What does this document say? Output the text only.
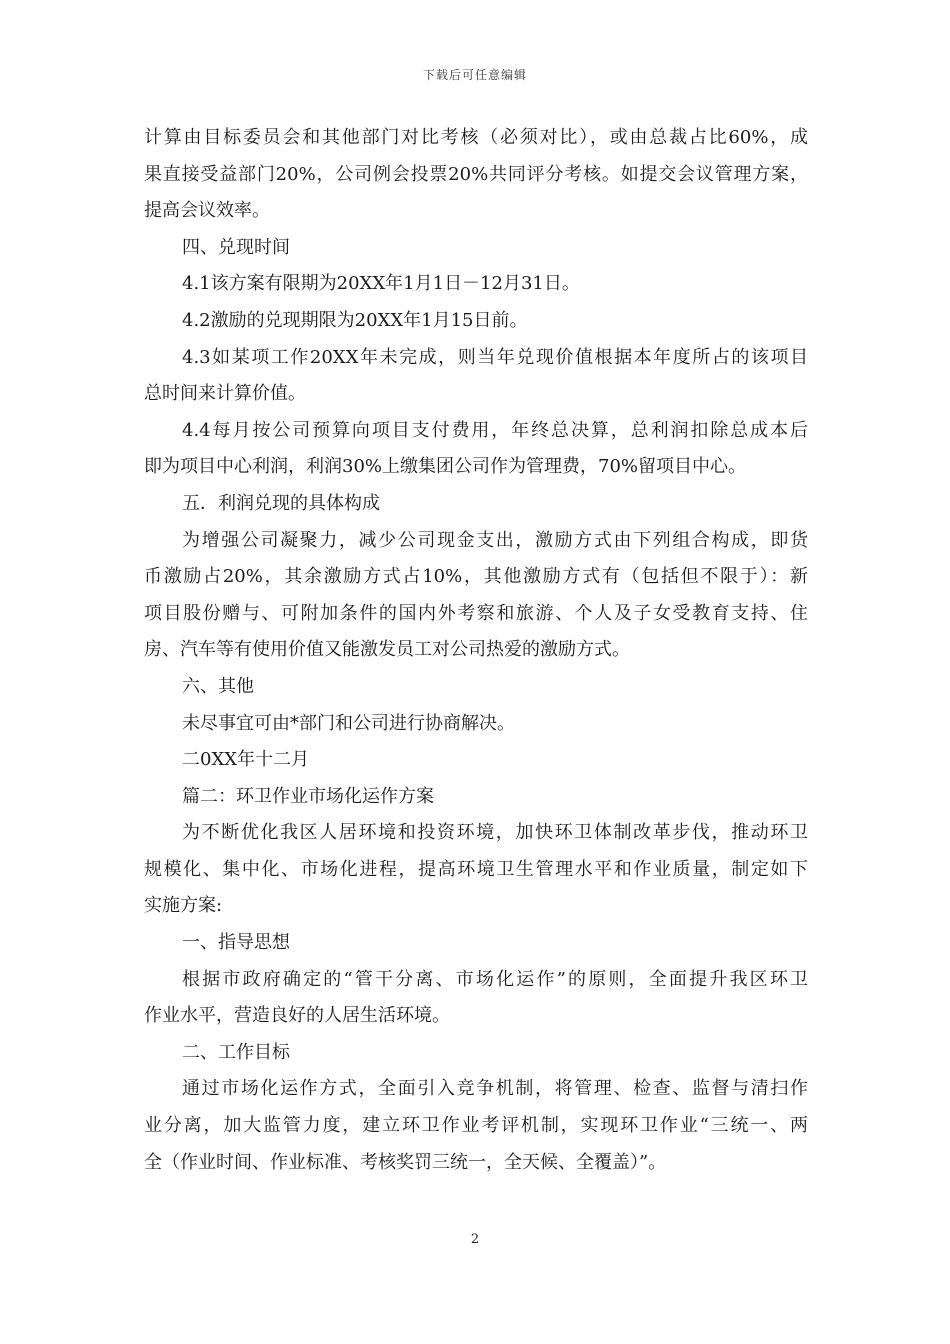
下载后可任意编辑
计算由目标委员会和其他部门对比考核（必须对比），或由总裁占比60%，成
果直接受益部门20%，公司例会投票20%共同评分考核。如提交会议管理方案，
提高会议效率。
四、兑现时间
4.1该方案有限期为20XX年1月1日－12月31日。
4.2激励的兑现期限为20XX年1月15日前。
4.3如某项工作20XX年未完成，则当年兑现价值根据本年度所占的该项目
总时间来计算价值。
4.4每月按公司预算向项目支付费用，年终总决算，总利润扣除总成本后
即为项目中心利润，利润30%上缴集团公司作为管理费，70%留项目中心。
五．利润兑现的具体构成
为增强公司凝聚力，减少公司现金支出，激励方式由下列组合构成，即货
币激励占20%，其余激励方式占10%，其他激励方式有（包括但不限于）：新
项目股份赠与、可附加条件的国内外考察和旅游、个人及子女受教育支持、住
房、汽车等有使用价值又能激发员工对公司热爱的激励方式。
六、其他
未尽事宜可由*部门和公司进行协商解决。
二0XX年十二月
篇二：环卫作业市场化运作方案
为不断优化我区人居环境和投资环境，加快环卫体制改革步伐，推动环卫
规模化、集中化、市场化进程，提高环境卫生管理水平和作业质量，制定如下
实施方案:
一、指导思想
根据市政府确定的“管干分离、市场化运作”的原则，全面提升我区环卫
作业水平，营造良好的人居生活环境。
二、工作目标
通过市场化运作方式，全面引入竞争机制，将管理、检查、监督与清扫作
业分离，加大监管力度，建立环卫作业考评机制，实现环卫作业“三统一、两
全（作业时间、作业标准、考核奖罚三统一，全天候、全覆盖）”。
2
